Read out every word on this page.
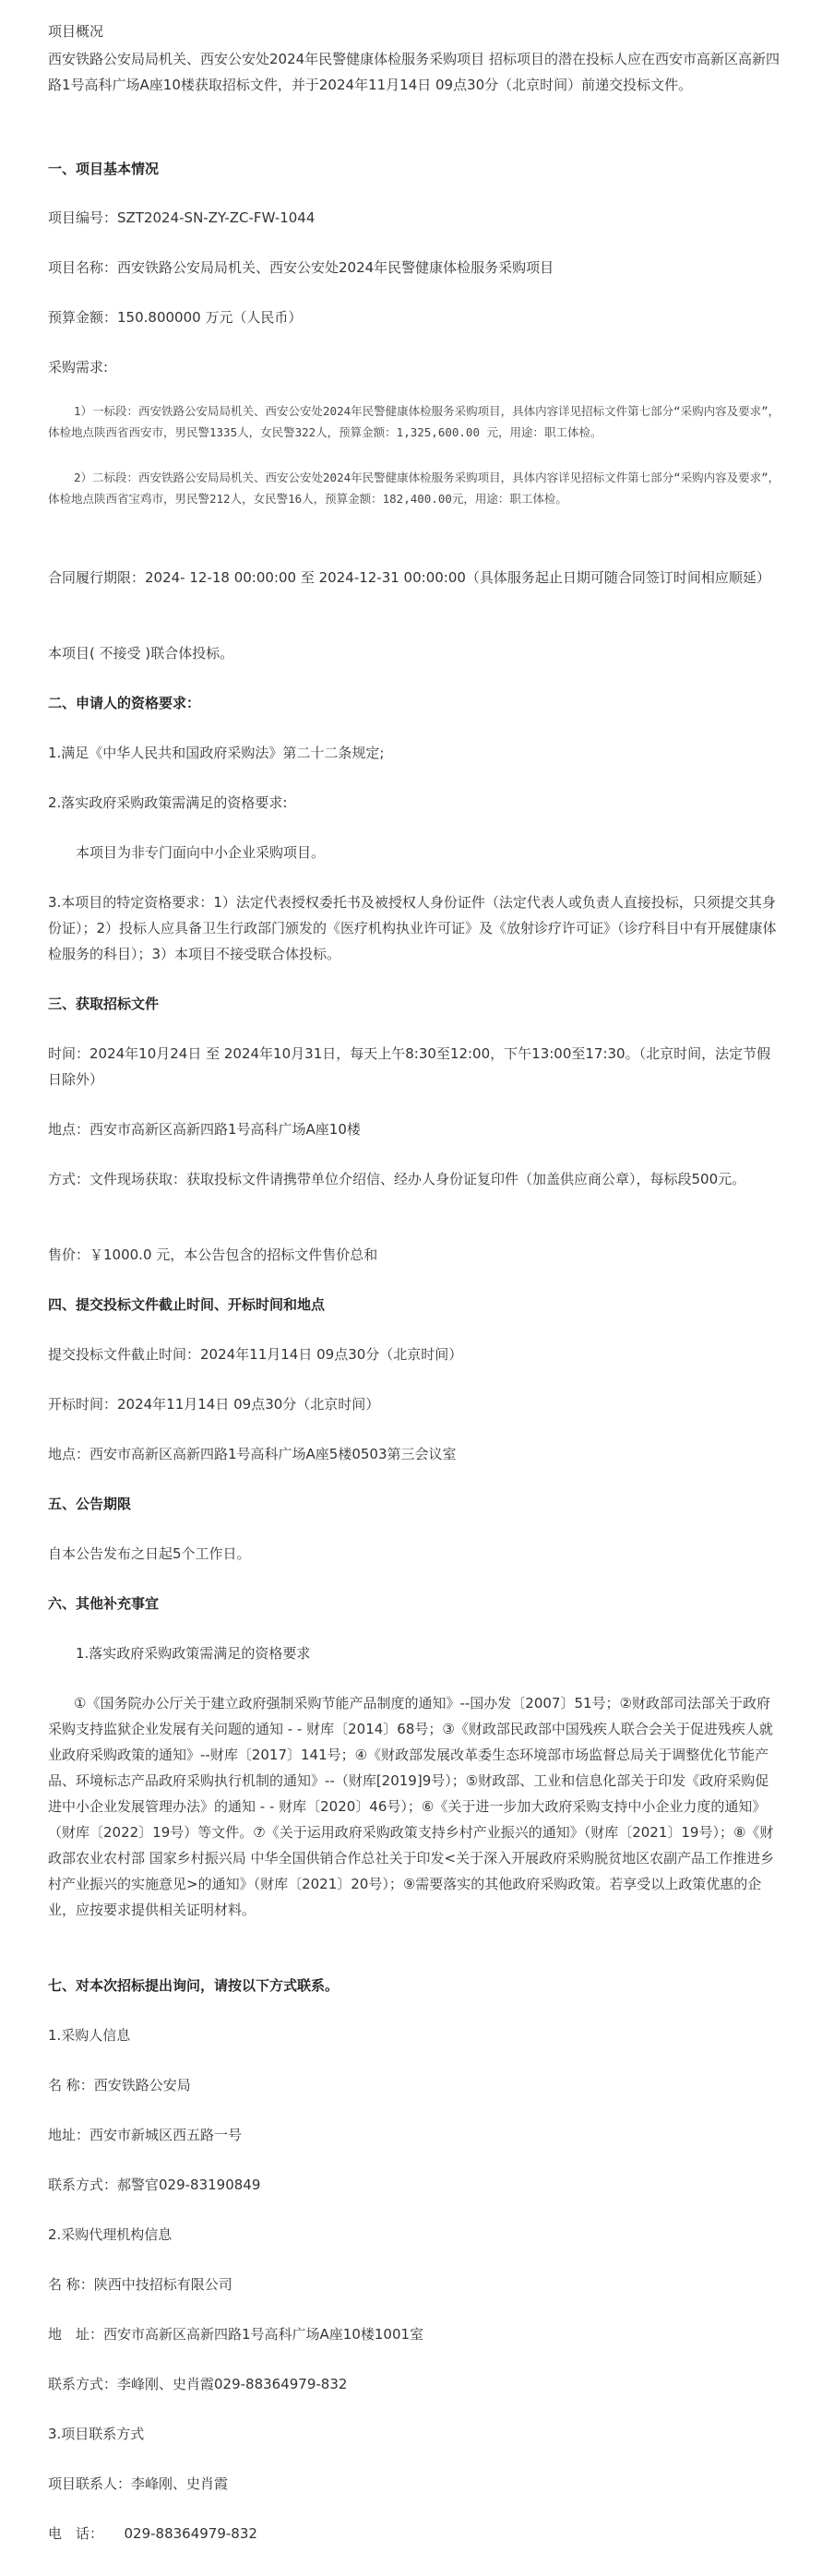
项目概况
西安铁路公安局局机关、西安公安处2024年民警健康体检服务采购项目 招标项目的潜在投标人应在西安市高新区高新四路1号高科广场A座10楼获取招标文件，并于2024年11月14日 09点30分（北京时间）前递交投标文件。
一、项目基本情况
项目编号：SZT2024-SN-ZY-ZC-FW-1044
项目名称：西安铁路公安局局机关、西安公安处2024年民警健康体检服务采购项目
预算金额：150.800000 万元（人民币）
采购需求:
1）一标段：西安铁路公安局局机关、西安公安处2024年民警健康体检服务采购项目，具体内容详见招标文件第七部分“采购内容及要求”，体检地点陕西省西安市，男民警1335人，女民警322人，预算金额：1,325,600.00 元，用途：职工体检。
2）二标段：西安铁路公安局局机关、西安公安处2024年民警健康体检服务采购项目，具体内容详见招标文件第七部分“采购内容及要求”，体检地点陕西省宝鸡市，男民警212人，女民警16人，预算金额：182,400.00元，用途：职工体检。
合同履行期限：2024- 12-18 00:00:00 至 2024-12-31 00:00:00（具体服务起止日期可随合同签订时间相应顺延）
本项目( 不接受 )联合体投标。
二、申请人的资格要求：
1.满足《中华人民共和国政府采购法》第二十二条规定;
2.落实政府采购政策需满足的资格要求:
本项目为非专门面向中小企业采购项目。
3.本项目的特定资格要求：1）法定代表授权委托书及被授权人身份证件（法定代表人或负责人直接投标，只须提交其身份证）；2）投标人应具备卫生行政部门颁发的《医疗机构执业许可证》及《放射诊疗许可证》（诊疗科目中有开展健康体检服务的科目）；3）本项目不接受联合体投标。
三、获取招标文件
时间：2024年10月24日 至 2024年10月31日，每天上午8:30至12:00，下午13:00至17:30。（北京时间，法定节假日除外）
地点：西安市高新区高新四路1号高科广场A座10楼
方式：文件现场获取：获取投标文件请携带单位介绍信、经办人身份证复印件（加盖供应商公章），每标段500元。
售价：￥1000.0 元，本公告包含的招标文件售价总和
四、提交投标文件截止时间、开标时间和地点
提交投标文件截止时间：2024年11月14日 09点30分（北京时间）
开标时间：2024年11月14日 09点30分（北京时间）
地点：西安市高新区高新四路1号高科广场A座5楼0503第三会议室
五、公告期限
自本公告发布之日起5个工作日。
六、其他补充事宜
1.落实政府采购政策需满足的资格要求
①《国务院办公厅关于建立政府强制采购节能产品制度的通知》--国办发〔2007〕51号；②财政部司法部关于政府采购支持监狱企业发展有关问题的通知 - - 财库〔2014〕68号；③《财政部民政部中国残疾人联合会关于促进残疾人就业政府采购政策的通知》--财库〔2017〕141号；④《财政部发展改革委生态环境部市场监督总局关于调整优化节能产品、环境标志产品政府采购执行机制的通知》--（财库[2019]9号）；⑤财政部、工业和信息化部关于印发《政府采购促进中小企业发展管理办法》的通知 - - 财库〔2020〕46号）；⑥《关于进一步加大政府采购支持中小企业力度的通知》（财库〔2022〕19号）等文件。⑦《关于运用政府采购政策支持乡村产业振兴的通知》（财库〔2021〕19号）；⑧《财政部农业农村部 国家乡村振兴局 中华全国供销合作总社关于印发<关于深入开展政府采购脱贫地区农副产品工作推进乡村产业振兴的实施意见>的通知》（财库〔2021〕20号）；⑨需要落实的其他政府采购政策。若享受以上政策优惠的企业，应按要求提供相关证明材料。
七、对本次招标提出询问，请按以下方式联系。
1.采购人信息
名 称：西安铁路公安局
地址：西安市新城区西五路一号
联系方式：郝警官029-83190849
2.采购代理机构信息
名 称：陕西中技招标有限公司
地　址：西安市高新区高新四路1号高科广场A座10楼1001室
联系方式：李峰刚、史肖霞029-88364979-832
3.项目联系方式
项目联系人：李峰刚、史肖霞
电　话：　　029-88364979-832
